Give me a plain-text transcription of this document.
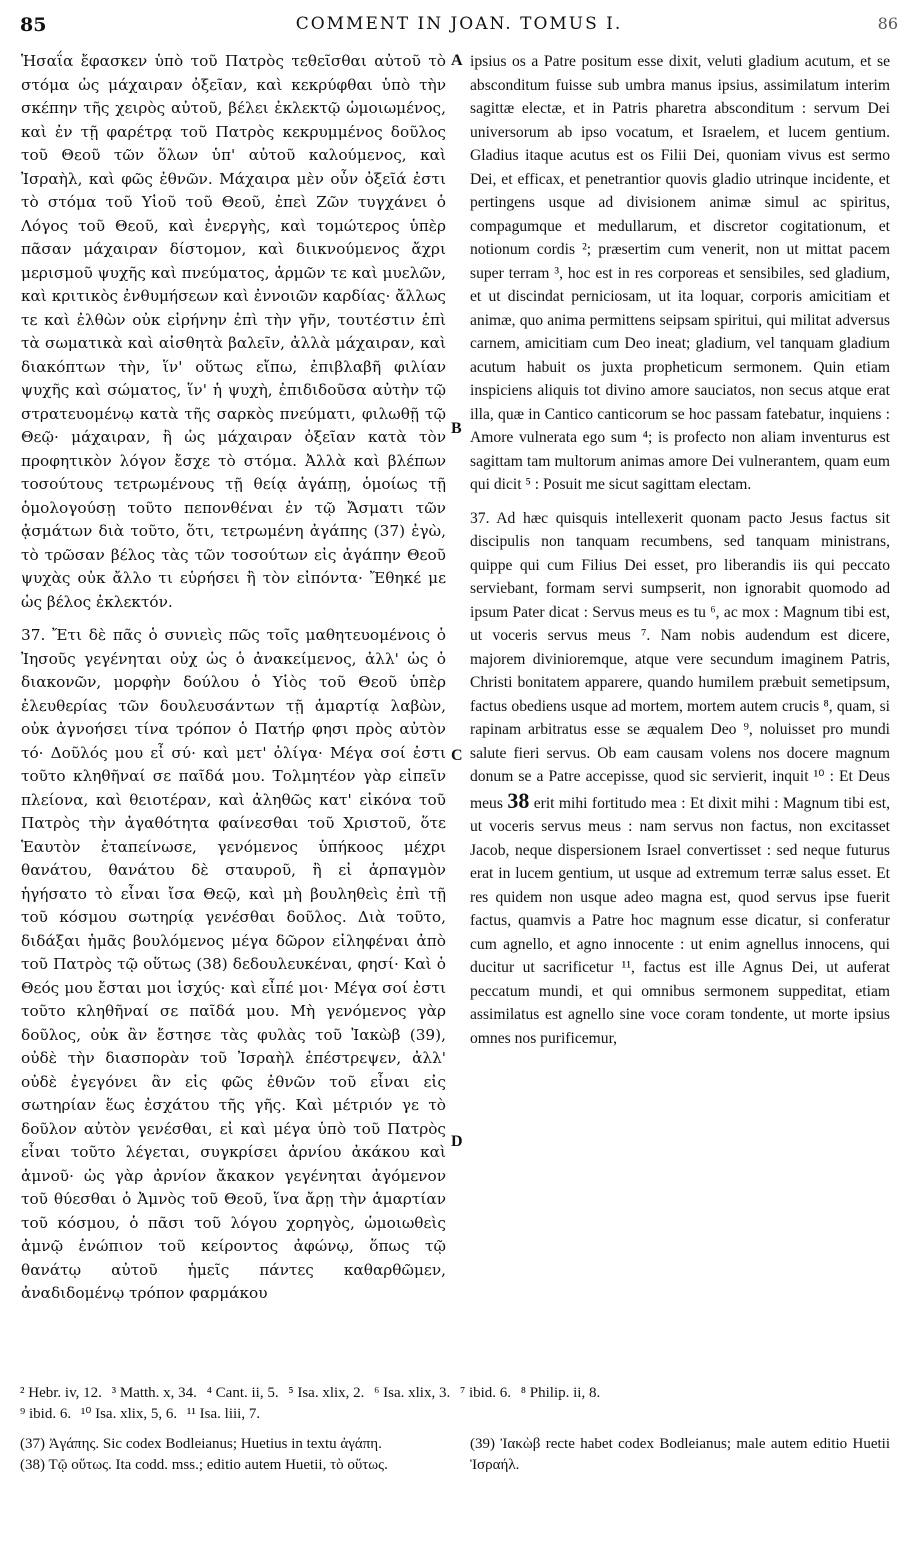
85	COMMENT IN JOAN. TOMUS I.	86

Ἡσαΐα ἔφασκεν ὑπὸ τοῦ Πατρὸς τεθεῖσθαι αὐτοῦ τὸ στόμα ὡς μάχαιραν ὀξεῖαν, καὶ κεκρύφθαι ὑπὸ τὴν σκέπην τῆς χειρὸς αὐτοῦ, βέλει ἐκλεκτῷ ὡμοιωμένος, καὶ ἐν τῇ φαρέτρᾳ τοῦ Πατρὸς κεκρυμμένος δοῦλος τοῦ Θεοῦ τῶν ὅλων ὑπ' αὐτοῦ καλούμενος, καὶ Ἰσραὴλ, καὶ φῶς ἐθνῶν. Μάχαιρα μὲν οὖν ὀξεῖά ἐστι τὸ στόμα τοῦ Υἱοῦ τοῦ Θεοῦ, ἐπεὶ Ζῶν τυγχάνει ὁ Λόγος τοῦ Θεοῦ, καὶ ἐνεργὴς, καὶ τομώτερος ὑπὲρ πᾶσαν μάχαιραν δίστομον, καὶ διικνούμενος ἄχρι μερισμοῦ ψυχῆς καὶ πνεύματος, ἁρμῶν τε καὶ μυελῶν, καὶ κριτικὸς ἐνθυμήσεων καὶ ἐννοιῶν καρδίας· ἄλλως τε καὶ ἐλθὼν οὐκ εἰρήνην ἐπὶ τὴν γῆν, τουτέστιν ἐπὶ τὰ σωματικὰ καὶ αἰσθητὰ βαλεῖν, ἀλλὰ μάχαιραν, καὶ διακόπτων τὴν, ἵν' οὕτως εἴπω, ἐπιβλαβῆ φιλίαν ψυχῆς καὶ σώματος, ἵν' ἡ ψυχὴ, ἐπιδιδοῦσα αὐτὴν τῷ στρατευομένῳ κατὰ τῆς σαρκὸς πνεύματι, φιλωθῇ τῷ Θεῷ· μάχαιραν, ἢ ὡς μάχαιραν ὀξεῖαν κατὰ τὸν προφητικὸν λόγον ἔσχε τὸ στόμα. Ἀλλὰ καὶ βλέπων τοσούτους τετρωμένους τῇ θείᾳ ἀγάπῃ, ὁμοίως τῇ ὁμολογούσῃ τοῦτο πεπονθέναι ἐν τῷ Ἄσματι τῶν ᾀσμάτων διὰ τοῦτο, ὅτι, τετρωμένη ἀγάπης (37) ἐγὼ, τὸ τρῶσαν βέλος τὰς τῶν τοσούτων εἰς ἀγάπην Θεοῦ ψυχὰς οὐκ ἄλλο τι εὑρήσει ἢ τὸν εἰπόντα· Ἔθηκέ με ὡς βέλος ἐκλεκτόν.

37. Ἔτι δὲ πᾶς ὁ συνιεὶς πῶς τοῖς μαθητευομένοις ὁ Ἰησοῦς γεγένηται οὐχ ὡς ὁ ἀνακείμενος, ἀλλ' ὡς ὁ διακονῶν, μορφὴν δούλου ὁ Υἱὸς τοῦ Θεοῦ ὑπὲρ ἐλευθερίας τῶν δουλευσάντων τῇ ἁμαρτίᾳ λαβὼν, οὐκ ἀγνοήσει τίνα τρόπον ὁ Πατήρ φησι πρὸς αὐτὸν τό· Δοῦλός μου εἶ σύ· καὶ μετ' ὀλίγα· Μέγα σοί ἐστι τοῦτο κληθῆναί σε παῖδά μου. Τολμητέον γὰρ εἰπεῖν πλείονα, καὶ θειοτέραν, καὶ ἀληθῶς κατ' εἰκόνα τοῦ Πατρὸς τὴν ἀγαθότητα φαίνεσθαι τοῦ Χριστοῦ, ὅτε Ἑαυτὸν ἐταπείνωσε, γενόμενος ὑπήκοος μέχρι θανάτου, θανάτου δὲ σταυροῦ, ἢ εἰ ἁρπαγμὸν ἡγήσατο τὸ εἶναι ἴσα Θεῷ, καὶ μὴ βουληθεὶς ἐπὶ τῇ τοῦ κόσμου σωτηρίᾳ γενέσθαι δοῦλος. Διὰ τοῦτο, διδάξαι ἡμᾶς βουλόμενος μέγα δῶρον εἰληφέναι ἀπὸ τοῦ Πατρὸς τῷ οὕτως (38) δεδουλευκέναι, φησί· Καὶ ὁ Θεός μου ἔσται μοι ἰσχύς· καὶ εἶπέ μοι· Μέγα σοί ἐστι τοῦτο κληθῆναί σε παῖδά μου. Μὴ γενόμενος γὰρ δοῦλος, οὐκ ἂν ἔστησε τὰς φυλὰς τοῦ Ἰακὼβ (39), οὐδὲ τὴν διασπορὰν τοῦ Ἰσραὴλ ἐπέστρεψεν, ἀλλ' οὐδὲ ἐγεγόνει ἂν εἰς φῶς ἐθνῶν τοῦ εἶναι εἰς σωτηρίαν ἕως ἐσχάτου τῆς γῆς. Καὶ μέτριόν γε τὸ δοῦλον αὐτὸν γενέσθαι, εἰ καὶ μέγα ὑπὸ τοῦ Πατρὸς εἶναι τοῦτο λέγεται, συγκρίσει ἀρνίου ἀκάκου καὶ ἀμνοῦ· ὡς γὰρ ἀρνίον ἄκακον γεγένηται ἀγόμενον τοῦ θύεσθαι ὁ Ἀμνὸς τοῦ Θεοῦ, ἵνα ἄρῃ τὴν ἁμαρτίαν τοῦ κόσμου, ὁ πᾶσι τοῦ λόγου χορηγὸς, ὡμοιωθεὶς ἀμνῷ ἐνώπιον τοῦ κείροντος ἀφώνῳ, ὅπως τῷ θανάτῳ αὐτοῦ ἡμεῖς πάντες καθαρθῶμεν, ἀναδιδομένῳ τρόπον φαρμάκου

A
B
C
D

ipsius os a Patre positum esse dixit, veluti gladium acutum, et se absconditum fuisse sub umbra manus ipsius, assimilatum interim sagittæ electæ, et in Patris pharetra absconditum : servum Dei universorum ab ipso vocatum, et Israelem, et lucem gentium. Gladius itaque acutus est os Filii Dei, quoniam vivus est sermo Dei, et efficax, et penetrantior quovis gladio utrinque incidente, et pertingens usque ad divisionem animæ simul ac spiritus, compagumque et medullarum, et discretor cogitationum, et notionum cordis ²; præsertim cum venerit, non ut mittat pacem super terram ³, hoc est in res corporeas et sensibiles, sed gladium, et ut discindat perniciosam, ut ita loquar, corporis amicitiam et animæ, quo anima permittens seipsam spiritui, qui militat adversus carnem, amicitiam cum Deo ineat; gladium, vel tanquam gladium acutum habuit os juxta propheticum sermonem. Quin etiam inspiciens aliquis tot divino amore sauciatos, non secus atque erat illa, quæ in Cantico canticorum se hoc passam fatebatur, inquiens : Amore vulnerata ego sum ⁴; is profecto non aliam inventurus est sagittam tam multorum animas amore Dei vulnerantem, quam eum qui dicit ⁵ : Posuit me sicut sagittam electam.

37. Ad hæc quisquis intellexerit quonam pacto Jesus factus sit discipulis non tanquam recumbens, sed tanquam ministrans, quippe qui cum Filius Dei esset, pro liberandis iis qui peccato serviebant, formam servi sumpserit, non ignorabit quomodo ad ipsum Pater dicat : Servus meus es tu ⁶, ac mox : Magnum tibi est, ut voceris servus meus ⁷. Nam nobis audendum est dicere, majorem divinioremque, atque vere secundum imaginem Patris, Christi bonitatem apparere, quando humilem præbuit semetipsum, factus obediens usque ad mortem, mortem autem crucis ⁸, quam, si rapinam arbitratus esse se æqualem Deo ⁹, noluisset pro mundi salute fieri servus. Ob eam causam volens nos docere magnum donum se a Patre accepisse, quod sic servierit, inquit ¹⁰ : Et Deus meus 38 erit mihi fortitudo mea : Et dixit mihi : Magnum tibi est, ut voceris servus meus : nam servus non factus, non excitasset Jacob, neque dispersionem Israel convertisset : sed neque futurus erat in lucem gentium, ut usque ad extremum terræ salus esset. Et res quidem non usque adeo magna est, quod servus ipse fuerit factus, quamvis a Patre hoc magnum esse dicatur, si conferatur cum agnello, et agno innocente : ut enim agnellus innocens, qui ducitur ut sacrificetur ¹¹, factus est ille Agnus Dei, ut auferat peccatum mundi, et qui omnibus sermonem suppeditat, etiam assimilatus est agnello sine voce coram tondente, ut morte ipsius omnes nos purificemur,

² Hebr. iv, 12. ³ Matth. x, 34. ⁴ Cant. ii, 5. ⁵ Isa. xlix, 2. ⁶ Isa. xlix, 3. ⁷ ibid. 6. ⁸ Philip. ii, 8.
⁹ ibid. 6. ¹⁰ Isa. xlix, 5, 6. ¹¹ Isa. liii, 7.

(37) Ἀγάπης. Sic codex Bodleianus; Huetius in textu ἀγάπη.

(38) Τῷ οὕτως. Ita codd. mss.; editio autem Huetii, τὸ οὕτως.

(39) Ἰακὼβ recte habet codex Bodleianus; male autem editio Huetii Ἰσραήλ.
